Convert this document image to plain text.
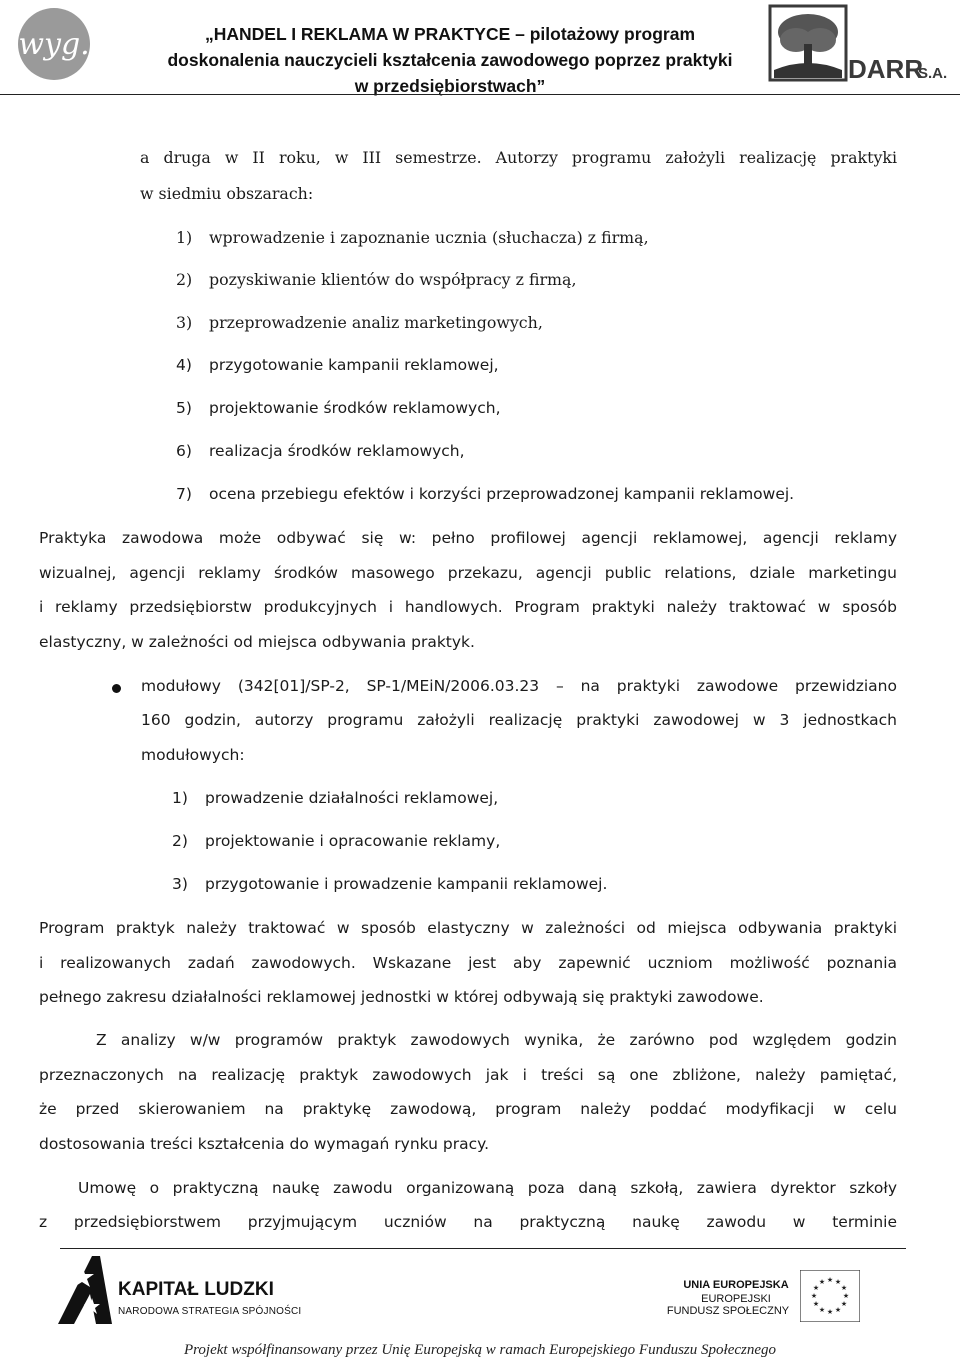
wyg.	„HANDEL I REKLAMA W PRAKTYCE – pilotażowy program
doskonalenia nauczycieli kształcenia zawodowego poprzez praktyki
w przedsiębiorstwach”
DARR
S.A.
a druga w II roku, w III semestrze. Autorzy programu założyli realizację praktyki
w siedmiu obszarach:
1) wprowadzenie i zapoznanie ucznia (słuchacza) z firmą,
2) pozyskiwanie klientów do współpracy z firmą,
3) przeprowadzenie analiz marketingowych,
4) przygotowanie kampanii reklamowej,
5) projektowanie środków reklamowych,
6) realizacja środków reklamowych,
7) ocena przebiegu efektów i korzyści przeprowadzonej kampanii reklamowej.
Praktyka zawodowa może odbywać się w: pełno profilowej agencji reklamowej, agencji reklamy
wizualnej, agencji reklamy środków masowego przekazu, agencji public relations, dziale marketingu
i reklamy przedsiębiorstw produkcyjnych i handlowych. Program praktyki należy traktować w sposób
elastyczny, w zależności od miejsca odbywania praktyk.
modułowy (342[01]/SP-2, SP-1/MEiN/2006.03.23 – na praktyki zawodowe przewidziano
160 godzin, autorzy programu założyli realizację praktyki zawodowej w 3 jednostkach
modułowych:
1) prowadzenie działalności reklamowej,
2) projektowanie i opracowanie reklamy,
3) przygotowanie i prowadzenie kampanii reklamowej.
Program praktyk należy traktować w sposób elastyczny w zależności od miejsca odbywania praktyki
i realizowanych zadań zawodowych. Wskazane jest aby zapewnić uczniom możliwość poznania
pełnego zakresu działalności reklamowej jednostki w której odbywają się praktyki zawodowe.
Z analizy w/w programów praktyk zawodowych wynika, że zarówno pod względem godzin
przeznaczonych na realizację praktyk zawodowych jak i treści są one zbliżone, należy pamiętać,
że przed skierowaniem na praktykę zawodową, program należy poddać modyfikacji w celu
dostosowania treści kształcenia do wymagań rynku pracy.
Umowę o praktyczną naukę zawodu organizowaną poza daną szkołą, zawiera dyrektor szkoły
z przedsiębiorstwem przyjmującym uczniów na praktyczną naukę zawodu w terminie
KAPITAŁ LUDZKI
NARODOWA STRATEGIA SPÓJNOŚCI
UNIA EUROPEJSKA
EUROPEJSKI
FUNDUSZ SPOŁECZNY
★ ★
★
★
★
★
★
★
★
★
★
★
Projekt współfinansowany przez Unię Europejską w ramach Europejskiego Funduszu Społecznego
